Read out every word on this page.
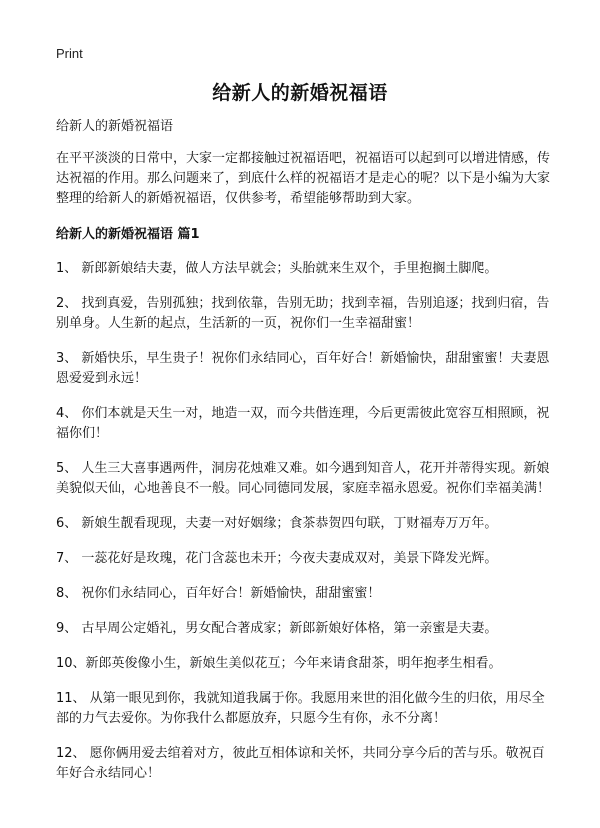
Print
给新人的新婚祝福语

给新人的新婚祝福语

在平平淡淡的日常中，大家一定都接触过祝福语吧，祝福语可以起到可以增进情感，传达祝福的作用。那么问题来了，到底什么样的祝福语才是走心的呢？以下是小编为大家整理的给新人的新婚祝福语，仅供参考，希望能够帮助到大家。

给新人的新婚祝福语 篇1

1、 新郎新娘结夫妻，做人方法早就会；头胎就来生双个，手里抱搁土脚爬。

2、 找到真爱，告别孤独；找到依靠，告别无助；找到幸福，告别追逐；找到归宿，告别单身。人生新的起点，生活新的一页，祝你们一生幸福甜蜜！

3、 新婚快乐，早生贵子！祝你们永结同心，百年好合！新婚愉快，甜甜蜜蜜！夫妻恩恩爱爱到永远！

4、 你们本就是天生一对，地造一双，而今共偕连理，今后更需彼此宽容互相照顾，祝福你们！

5、 人生三大喜事遇两件，洞房花烛难又难。如今遇到知音人，花开并蒂得实现。新娘美貌似天仙，心地善良不一般。同心同德同发展，家庭幸福永恩爱。祝你们幸福美满！

6、 新娘生靓看现现，夫妻一对好姻缘；食茶恭贺四句联，丁财福寿万万年。

7、 一蕊花好是玫瑰，花门含蕊也未开；今夜夫妻成双对，美景下降发光辉。

8、 祝你们永结同心，百年好合！新婚愉快，甜甜蜜蜜！

9、 古早周公定婚礼，男女配合著成家；新郎新娘好体格，第一亲蜜是夫妻。

10、新郎英俊像小生，新娘生美似花互；今年来请食甜茶，明年抱孝生相看。

11、 从第一眼见到你，我就知道我属于你。我愿用来世的泪化做今生的归依，用尽全部的力气去爱你。为你我什么都愿放弃，只愿今生有你，永不分离！

12、 愿你俩用爱去绾着对方，彼此互相体谅和关怀，共同分享今后的苦与乐。敬祝百年好合永结同心！
